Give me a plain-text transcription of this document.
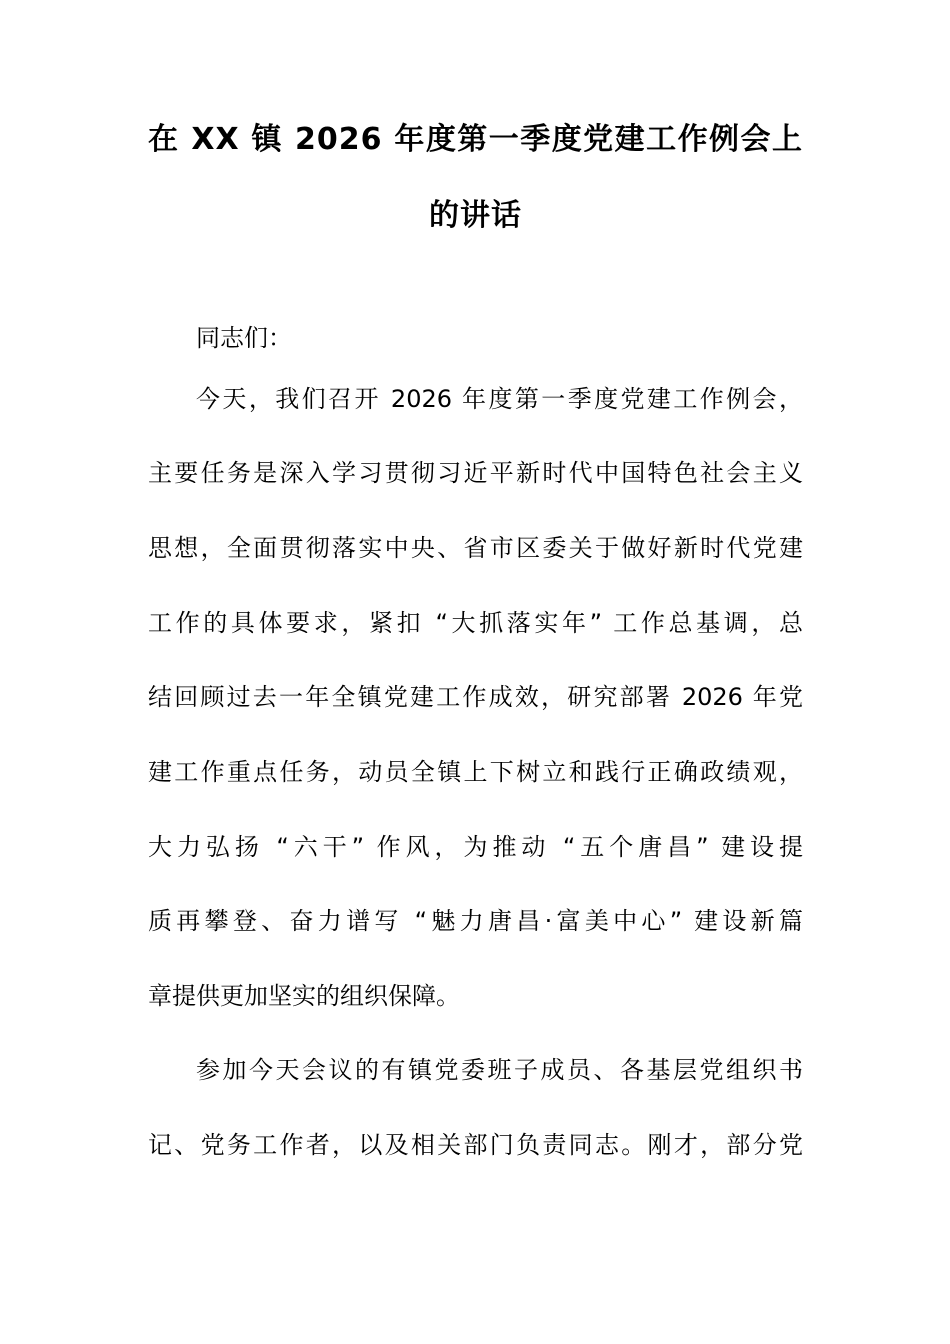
在 XX 镇 2026 年度第一季度党建工作例会上
的讲话
同志们：
今天，我们召开 2026 年度第一季度党建工作例会，
主要任务是深入学习贯彻习近平新时代中国特色社会主义
思想，全面贯彻落实中央、省市区委关于做好新时代党建
工作的具体要求，紧扣 “大抓落实年” 工作总基调，总
结回顾过去一年全镇党建工作成效，研究部署 2026 年党
建工作重点任务，动员全镇上下树立和践行正确政绩观，
大力弘扬 “六干” 作风，为推动 “五个唐昌” 建设提
质再攀登、奋力谱写 “魅力唐昌·富美中心” 建设新篇
章提供更加坚实的组织保障。
参加今天会议的有镇党委班子成员、各基层党组织书
记、党务工作者，以及相关部门负责同志。刚才，部分党
